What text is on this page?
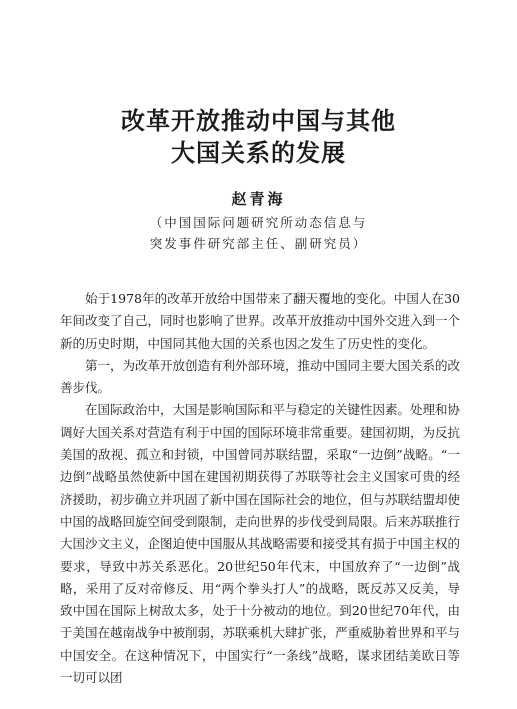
改革开放推动中国与其他
大国关系的发展
赵青海
（中国国际问题研究所动态信息与
突发事件研究部主任、副研究员）

始于1978年的改革开放给中国带来了翻天覆地的变化。中国人在30年间改变了自己，同时也影响了世界。改革开放推动中国外交进入到一个新的历史时期，中国同其他大国的关系也因之发生了历史性的变化。

第一，为改革开放创造有利外部环境，推动中国同主要大国关系的改善步伐。

在国际政治中，大国是影响国际和平与稳定的关键性因素。处理和协调好大国关系对营造有利于中国的国际环境非常重要。建国初期，为反抗美国的敌视、孤立和封锁，中国曾同苏联结盟，采取“一边倒”战略。“一边倒”战略虽然使新中国在建国初期获得了苏联等社会主义国家可贵的经济援助，初步确立并巩固了新中国在国际社会的地位，但与苏联结盟却使中国的战略回旋空间受到限制，走向世界的步伐受到局限。后来苏联推行大国沙文主义，企图迫使中国服从其战略需要和接受其有损于中国主权的要求，导致中苏关系恶化。20世纪50年代末，中国放弃了“一边倒”战略，采用了反对帝修反、用“两个拳头打人”的战略，既反苏又反美，导致中国在国际上树敌太多，处于十分被动的地位。到20世纪70年代，由于美国在越南战争中被削弱，苏联乘机大肆扩张，严重威胁着世界和平与中国安全。在这种情况下，中国实行“一条线”战略，谋求团结美欧日等一切可以团
